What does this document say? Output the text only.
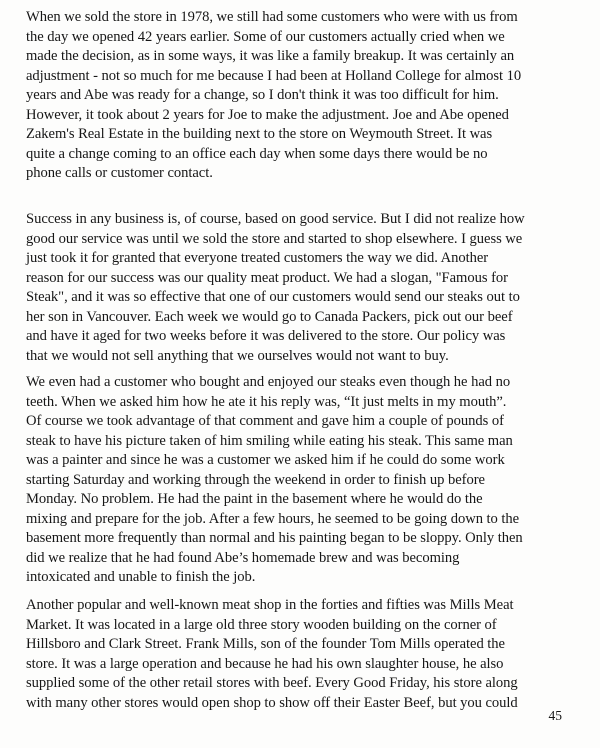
When we sold the store in 1978, we still had some customers who were with us from
the day we opened 42 years earlier. Some of our customers actually cried when we
made the decision, as in some ways, it was like a family breakup. It was certainly an
adjustment - not so much for me because I had been at Holland College for almost 10
years and Abe was ready for a change, so I don't think it was too difficult for him.
However, it took about 2 years for Joe to make the adjustment. Joe and Abe opened
Zakem's Real Estate in the building next to the store on Weymouth Street. It was
quite a change coming to an office each day when some days there would be no
phone calls or customer contact.

Success in any business is, of course, based on good service. But I did not realize how
good our service was until we sold the store and started to shop elsewhere. I guess we
just took it for granted that everyone treated customers the way we did. Another
reason for our success was our quality meat product. We had a slogan, "Famous for
Steak", and it was so effective that one of our customers would send our steaks out to
her son in Vancouver. Each week we would go to Canada Packers, pick out our beef
and have it aged for two weeks before it was delivered to the store. Our policy was
that we would not sell anything that we ourselves would not want to buy.

We even had a customer who bought and enjoyed our steaks even though he had no
teeth. When we asked him how he ate it his reply was, “It just melts in my mouth”.
Of course we took advantage of that comment and gave him a couple of pounds of
steak to have his picture taken of him smiling while eating his steak. This same man
was a painter and since he was a customer we asked him if he could do some work
starting Saturday and working through the weekend in order to finish up before
Monday. No problem. He had the paint in the basement where he would do the
mixing and prepare for the job. After a few hours, he seemed to be going down to the
basement more frequently than normal and his painting began to be sloppy. Only then
did we realize that he had found Abe’s homemade brew and was becoming
intoxicated and unable to finish the job.

Another popular and well-known meat shop in the forties and fifties was Mills Meat
Market. It was located in a large old three story wooden building on the corner of
Hillsboro and Clark Street. Frank Mills, son of the founder Tom Mills operated the
store. It was a large operation and because he had his own slaughter house, he also
supplied some of the other retail stores with beef. Every Good Friday, his store along
with many other stores would open shop to show off their Easter Beef, but you could

45
